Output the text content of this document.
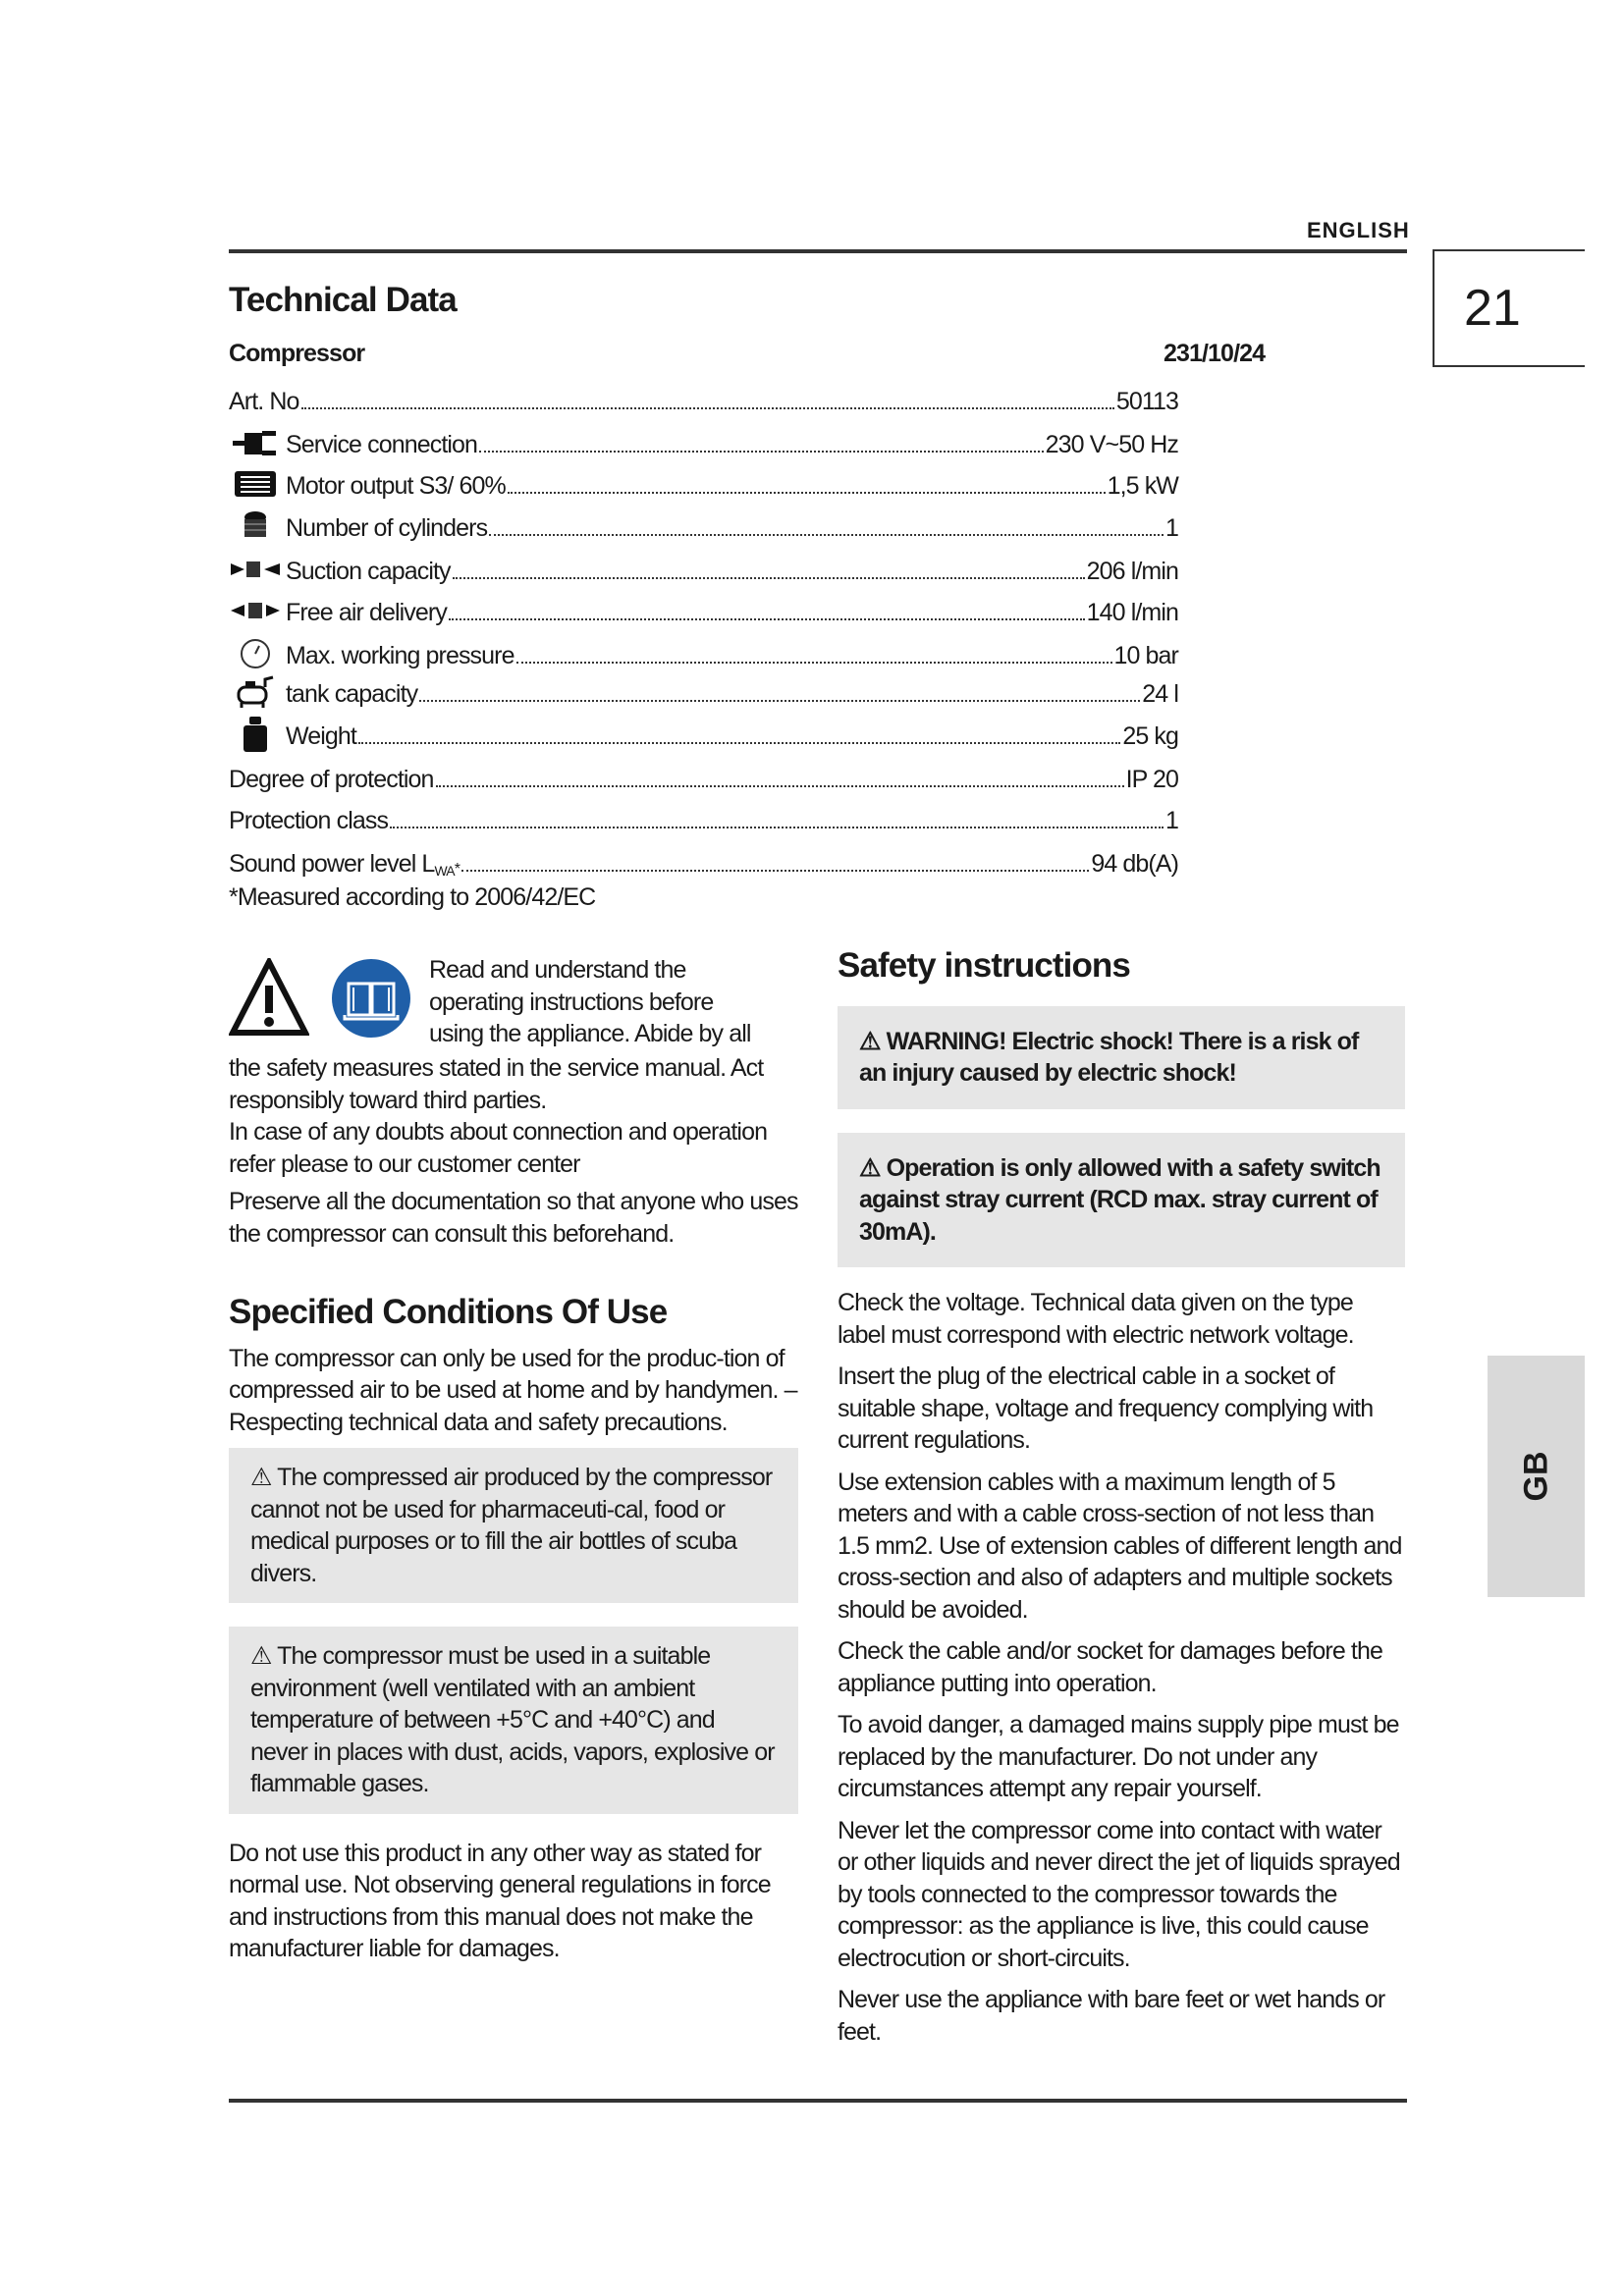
ENGLISH
21
Technical Data
Compressor	231/10/24
Art. No	50113
Service connection	230 V~50 Hz
Motor output S3/ 60%	1,5 kW
Number of cylinders	1
Suction capacity	206 l/min
Free air delivery	140 l/min
Max. working pressure	10 bar
tank capacity	24 l
Weight	25 kg
Degree of protection	IP 20
Protection class	1
Sound power level $L_{WA}$ *	94 db(A)
*Measured according to 2006/42/EC
Read and understand the
operating instructions before
using the appliance. Abide by all
the safety measures stated in the service manual. Act responsibly toward third parties.
In case of any doubts about connection and operation refer please to our customer center
Preserve all the documentation so that anyone who uses the compressor can consult this beforehand.
Specified Conditions Of Use

The compressor can only be used for the produc-tion of compressed air to be used at home and by handymen. – Respecting technical data and safety precautions.

⚠ The compressed air produced by the compressor cannot not be used for pharmaceuti-cal, food or medical purposes or to fill the air bottles of scuba divers.
⚠ The compressor must be used in a suitable environment (well ventilated with an ambient temperature of between +5°C and +40°C) and never in places with dust, acids, vapors, explosive or flammable gases.

Do not use this product in any other way as stated for normal use. Not observing general regulations in force and instructions from this manual does not make the manufacturer liable for damages.

Safety instructions
⚠ WARNING! Electric shock! There is a risk of an injury caused by electric shock!
⚠ Operation is only allowed with a safety switch against stray current (RCD max. stray current of 30mA).

Check the voltage. Technical data given on the type label must correspond with electric network voltage.

Insert the plug of the electrical cable in a socket of suitable shape, voltage and frequency complying with current regulations.

Use extension cables with a maximum length of 5 meters and with a cable cross-section of not less than 1.5 mm2. Use of extension cables of different length and cross-section and also of adapters and multiple sockets should be avoided.

Check the cable and/or socket for damages before the appliance putting into operation.

To avoid danger, a damaged mains supply pipe must be replaced by the manufacturer. Do not under any circumstances attempt any repair yourself.

Never let the compressor come into contact with water or other liquids and never direct the jet of liquids sprayed by tools connected to the compressor towards the compressor: as the appliance is live, this could cause electrocution or short-circuits.

Never use the appliance with bare feet or wet hands or feet.

GB
